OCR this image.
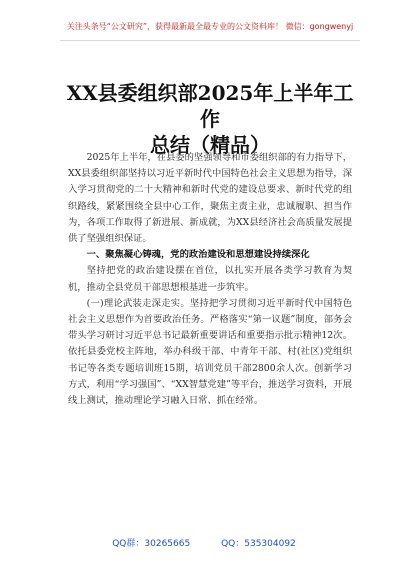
关注头条号“公文研究”，获得最新最全最专业的公文资料库！ 微信：gongwenyj
XX县委组织部2025年上半年工作
总结（精品）

2025年上半年，在县委的坚强领导和市委组织部的有力指导下，XX县委组织部坚持以习近平新时代中国特色社会主义思想为指导，深入学习贯彻党的二十大精神和新时代党的建设总要求、新时代党的组织路线，紧紧围绕全县中心工作，聚焦主责主业，忠诚履职、担当作为，各项工作取得了新进展、新成就，为XX县经济社会高质量发展提供了坚强组织保证。

一、聚焦凝心铸魂，党的政治建设和思想建设持续深化

坚持把党的政治建设摆在首位，以扎实开展各类学习教育为契机，推动全县党员干部思想根基进一步筑牢。

(一)理论武装走深走实。坚持把学习贯彻习近平新时代中国特色社会主义思想作为首要政治任务。严格落实“第一议题”制度，部务会带头学习研讨习近平总书记最新重要讲话和重要指示批示精神12次。依托县委党校主阵地，举办科级干部、中青年干部、村(社区)党组织书记等各类专题培训班15期，培训党员干部2800余人次。创新学习方式，利用“学习强国”、“XX智慧党建”等平台，推送学习资料，开展线上测试，推动理论学习融入日常、抓在经常。

QQ群：30265665	QQ：535304092
